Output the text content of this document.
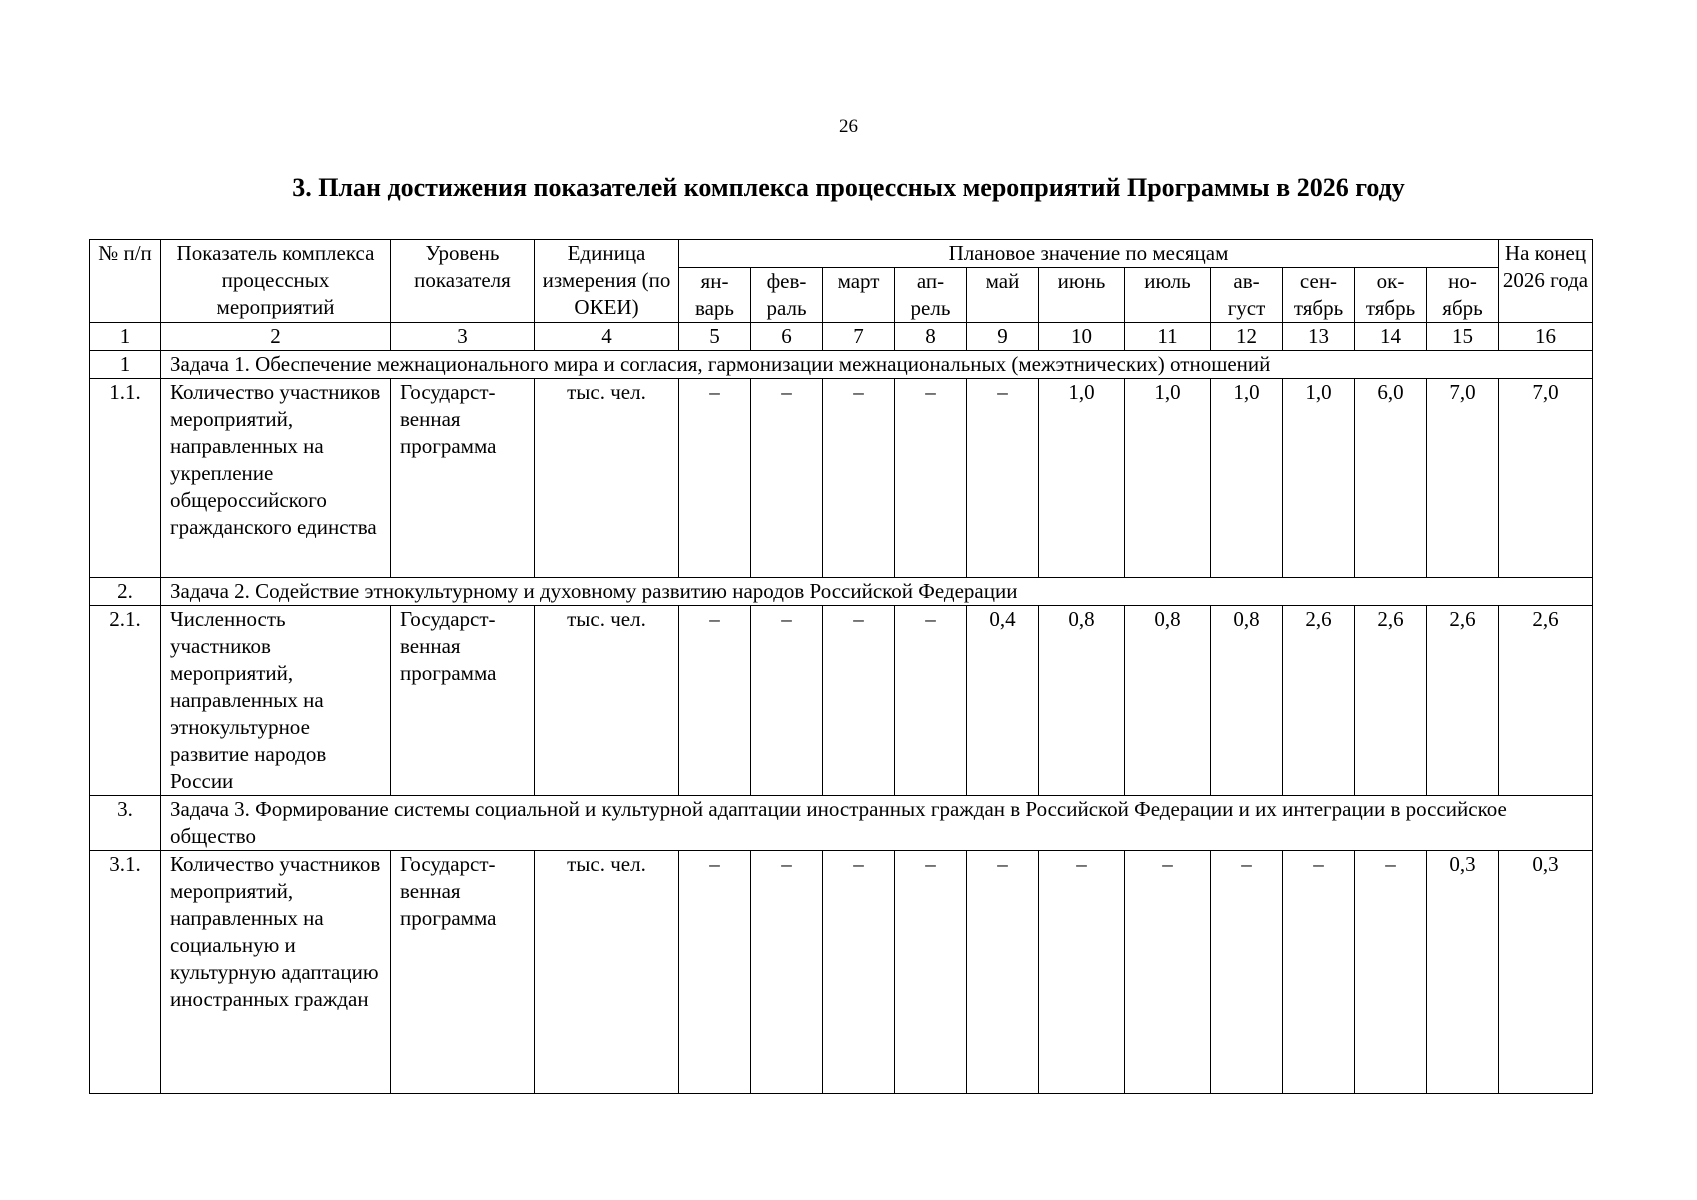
26
3. План достижения показателей комплекса процессных мероприятий Программы в 2026 году
№ п/п	Показатель комплекса процессных мероприятий	Уровень показателя	Единица измерения (по ОКЕИ)	Плановое значение по месяцам											На конец 2026 года
				ян- варь	фев- раль	март	ап- рель	май	июнь	июль	ав- густ	сен- тябрь	ок- тябрь	но- ябрь	
1	2	3	4	5	6	7	8	9	10	11	12	13	14	15	16
1	Задача 1. Обеспечение межнационального мира и согласия, гармонизации межнациональных (межэтнических) отношений														
1.1.	Количество участников мероприятий, направленных на укрепление общероссийского гражданского единства	Государст- венная программа	тыс. чел.	–	–	–	–	–	1,0	1,0	1,0	1,0	6,0	7,0	7,0
2.	Задача 2. Содействие этнокультурному и духовному развитию народов Российской Федерации														
2.1.	Численность участников мероприятий, направленных на этнокультурное развитие народов России	Государст- венная программа	тыс. чел.	–	–	–	–	0,4	0,8	0,8	0,8	2,6	2,6	2,6	2,6
3.	Задача 3. Формирование системы социальной и культурной адаптации иностранных граждан в Российской Федерации и их интеграции в российское общество														
3.1.	Количество участников мероприятий, направленных на социальную и культурную адаптацию иностранных граждан	Государст- венная программа	тыс. чел.	–	–	–	–	–	–	–	–	–	–	0,3	0,3
